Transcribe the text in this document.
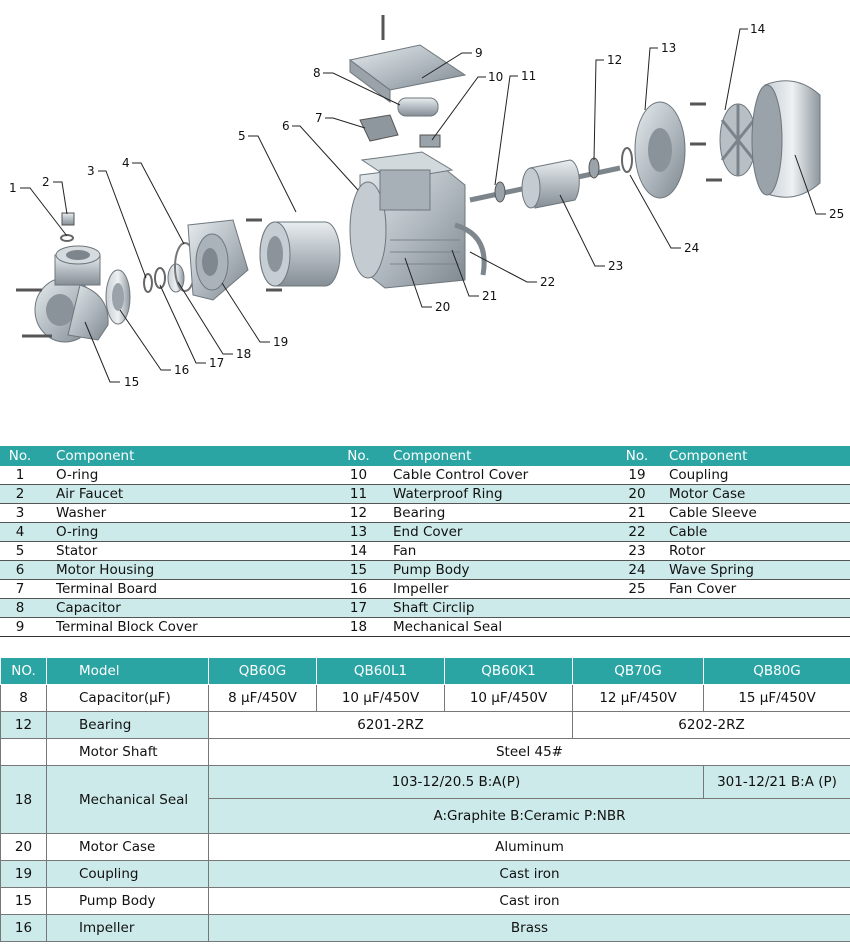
1 2
3
4
5
6
7
8
9
10 11
12
13
14
15
16 17
18
19
20
21
22
23
24
25
No.	Component	No.	Component	No.	Component
1	O-ring	10	Cable Control Cover	19	Coupling
2	Air Faucet	11	Waterproof Ring	20	Motor Case
3	Washer	12	Bearing	21	Cable Sleeve
4	O-ring	13	End Cover	22	Cable
5	Stator	14	Fan	23	Rotor
6	Motor Housing	15	Pump Body	24	Wave Spring
7	Terminal Board	16	Impeller	25	Fan Cover
8	Capacitor	17	Shaft Circlip		
9	Terminal Block Cover	18	Mechanical Seal		
NO.	Model	QB60G	QB60L1	QB60K1	QB70G	QB80G
8	Capacitor(μF)	8 μF/450V	10 μF/450V	10 μF/450V	12 μF/450V	15 μF/450V
12	Bearing	6201-2RZ			6202-2RZ	
	Motor Shaft	Steel 45#				
18	Mechanical Seal	103-12/20.5 B:A(P)				301-12/21 B:A (P)
		A:Graphite B:Ceramic P:NBR				
20	Motor Case	Aluminum				
19	Coupling	Cast iron				
15	Pump Body	Cast iron				
16	Impeller	Brass				
